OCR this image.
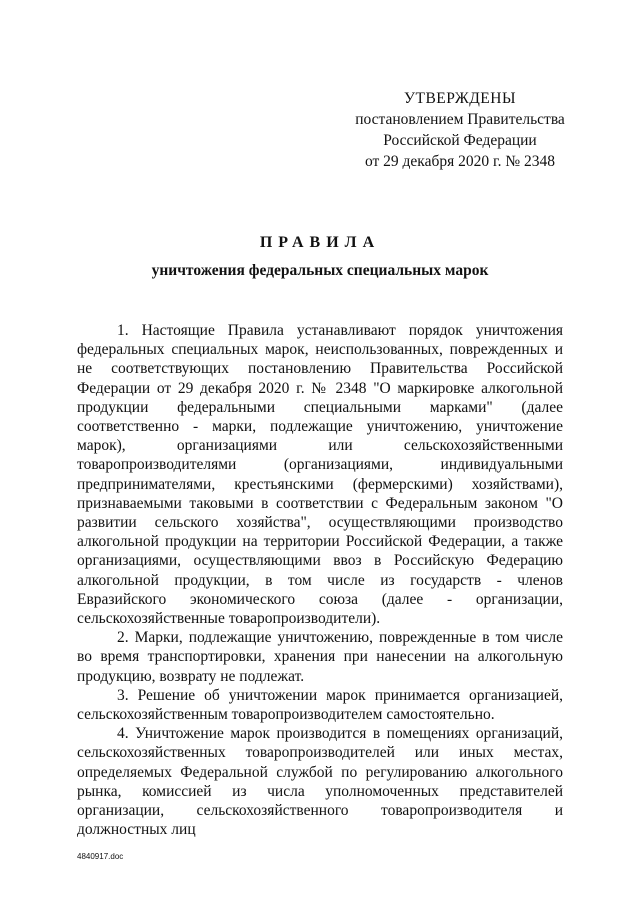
УТВЕРЖДЕНЫ
постановлением Правительства
Российской Федерации
от 29 декабря 2020 г. № 2348
ПРАВИЛА
уничтожения федеральных специальных марок

1. Настоящие Правила устанавливают порядок уничтожения федеральных специальных марок, неиспользованных, поврежденных и не соответствующих постановлению Правительства Российской Федерации от 29 декабря 2020 г. № 2348 "О маркировке алкогольной продукции федеральными специальными марками" (далее соответственно - марки, подлежащие уничтожению, уничтожение марок), организациями или сельскохозяйственными товаропроизводителями (организациями, индивидуальными предпринимателями, крестьянскими (фермерскими) хозяйствами), признаваемыми таковыми в соответствии с Федеральным законом "О развитии сельского хозяйства", осуществляющими производство алкогольной продукции на территории Российской Федерации, а также организациями, осуществляющими ввоз в Российскую Федерацию алкогольной продукции, в том числе из государств - членов Евразийского экономического союза (далее - организации, сельскохозяйственные товаропроизводители).

2. Марки, подлежащие уничтожению, поврежденные в том числе во время транспортировки, хранения при нанесении на алкогольную продукцию, возврату не подлежат.

3. Решение об уничтожении марок принимается организацией, сельскохозяйственным товаропроизводителем самостоятельно.

4. Уничтожение марок производится в помещениях организаций, сельскохозяйственных товаропроизводителей или иных местах, определяемых Федеральной службой по регулированию алкогольного рынка, комиссией из числа уполномоченных представителей организации, сельскохозяйственного товаропроизводителя и должностных лиц

4840917.doc
